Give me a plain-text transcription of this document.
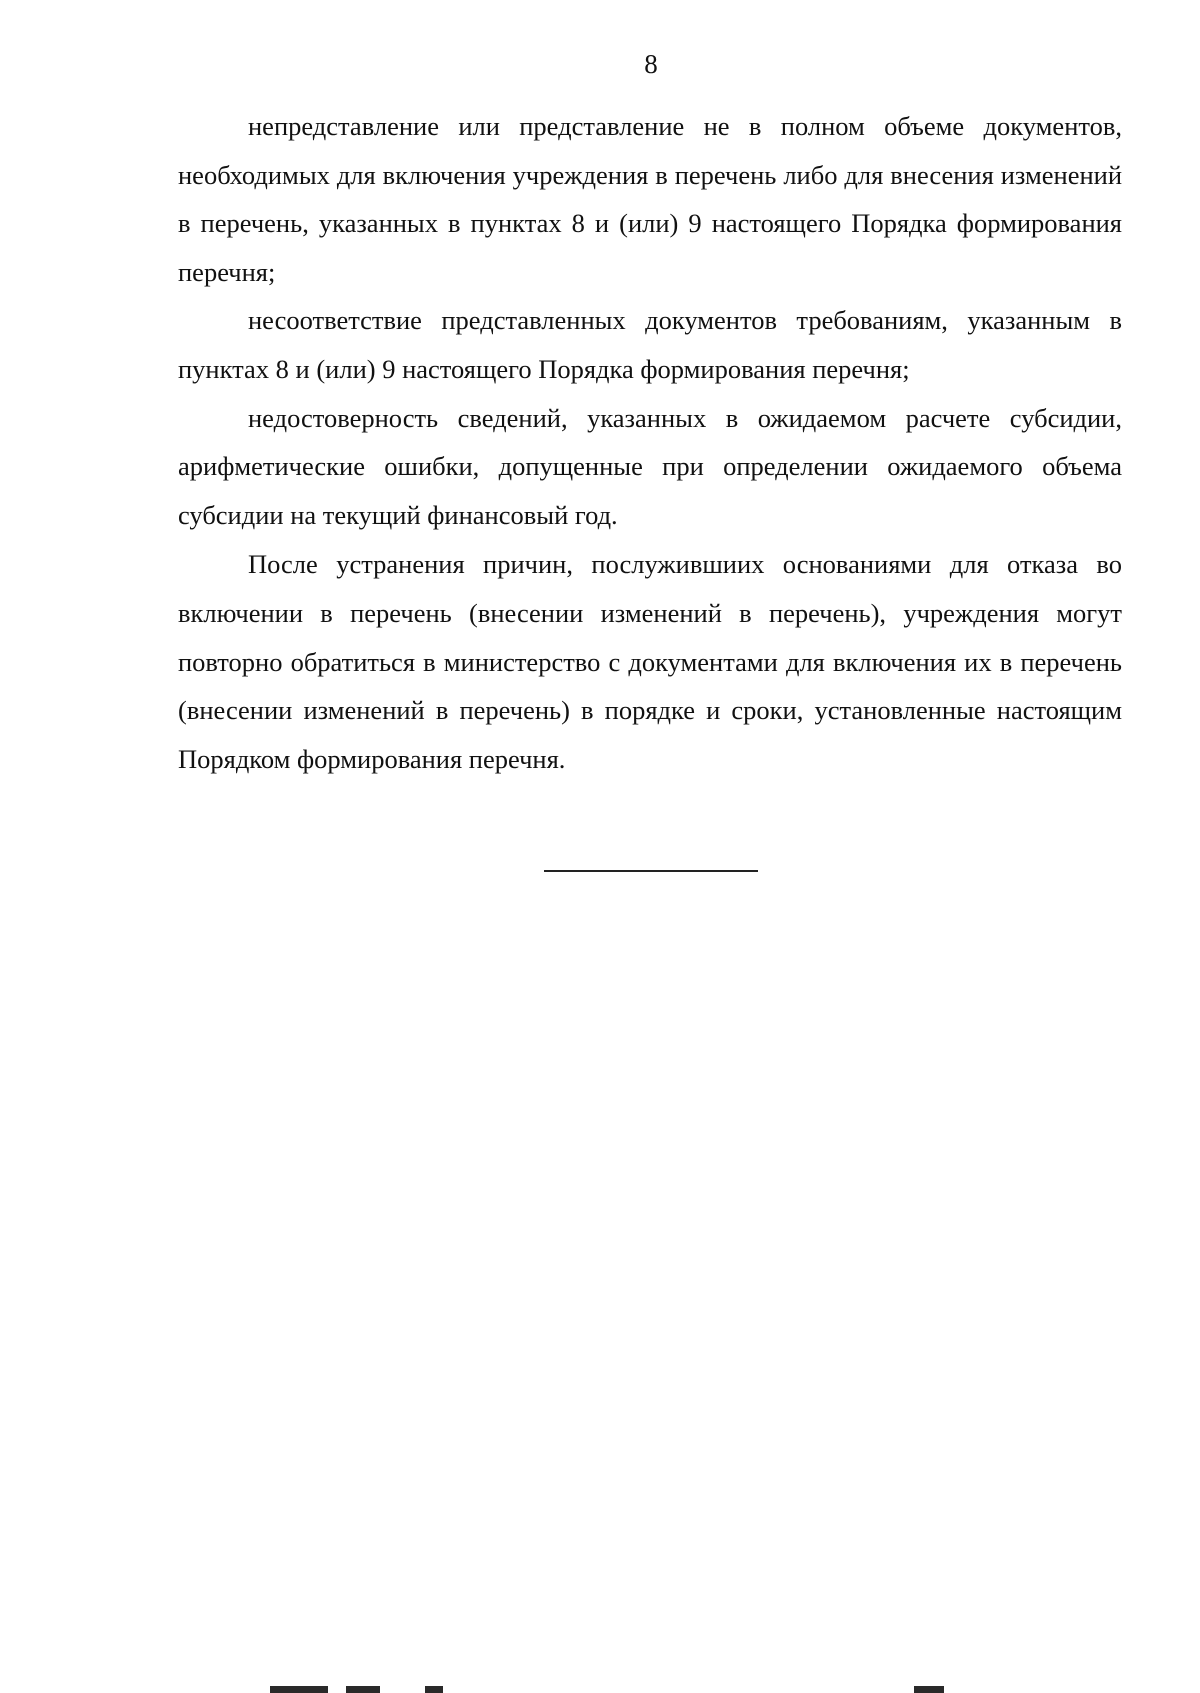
8

непредставление или представление не в полном объеме документов, необходимых для включения учреждения в перечень либо для внесения изменений в перечень, указанных в пунктах 8 и (или) 9 настоящего Порядка формирования перечня;

несоответствие представленных документов требованиям, указанным в пунктах 8 и (или) 9 настоящего Порядка формирования перечня;

недостоверность сведений, указанных в ожидаемом расчете субсидии, арифметические ошибки, допущенные при определении ожидаемого объема субсидии на текущий финансовый год.

После устранения причин, послужившиих основаниями для отказа во включении в перечень (внесении изменений в перечень), учреждения могут повторно обратиться в министерство с документами для включения их в перечень (внесении изменений в перечень) в порядке и сроки, установленные настоящим Порядком формирования перечня.
